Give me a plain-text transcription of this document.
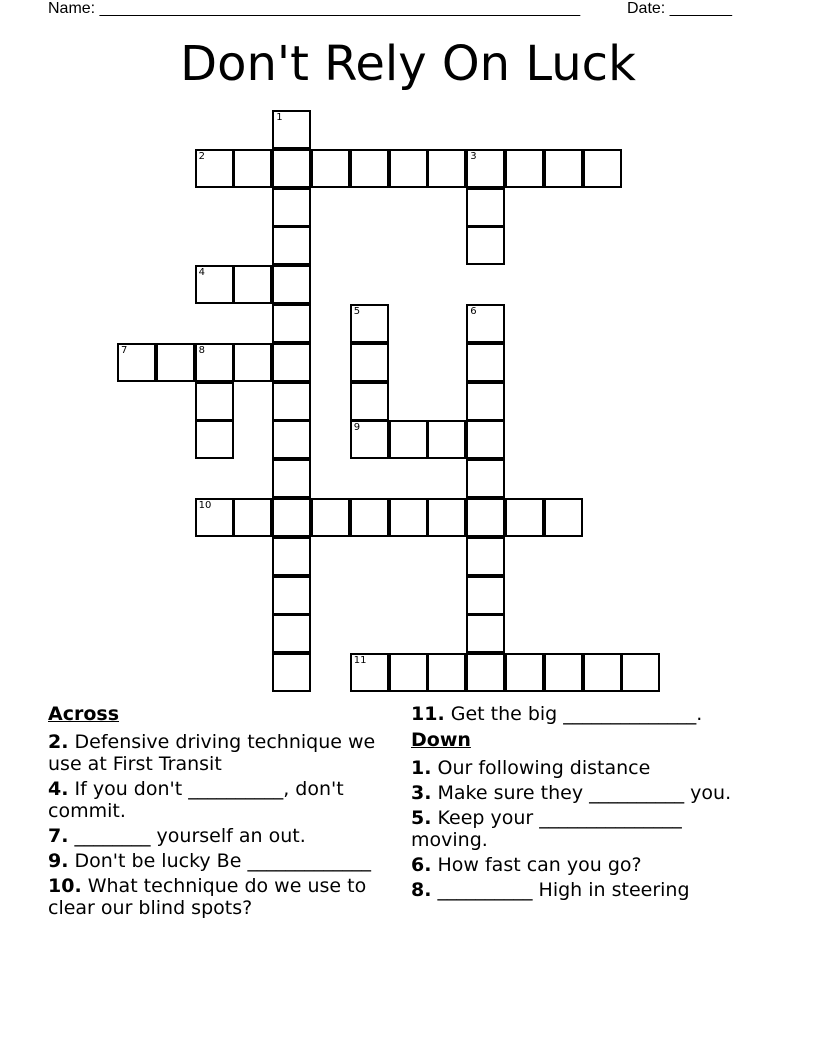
Name: ______________________________________________________	Date: _______
Don't Rely On Luck
2	3
4
7	8
9
10
11
1
5	6
Across
2. Defensive driving technique we use at First Transit
4. If you don't __________, don't commit.
7. ________ yourself an out.
9. Don't be lucky Be _____________
10. What technique do we use to clear our blind spots?
11. Get the big ______________.
Down
1. Our following distance
3. Make sure they __________ you.
5. Keep your _______________ moving.
6. How fast can you go?
8. __________ High in steering
